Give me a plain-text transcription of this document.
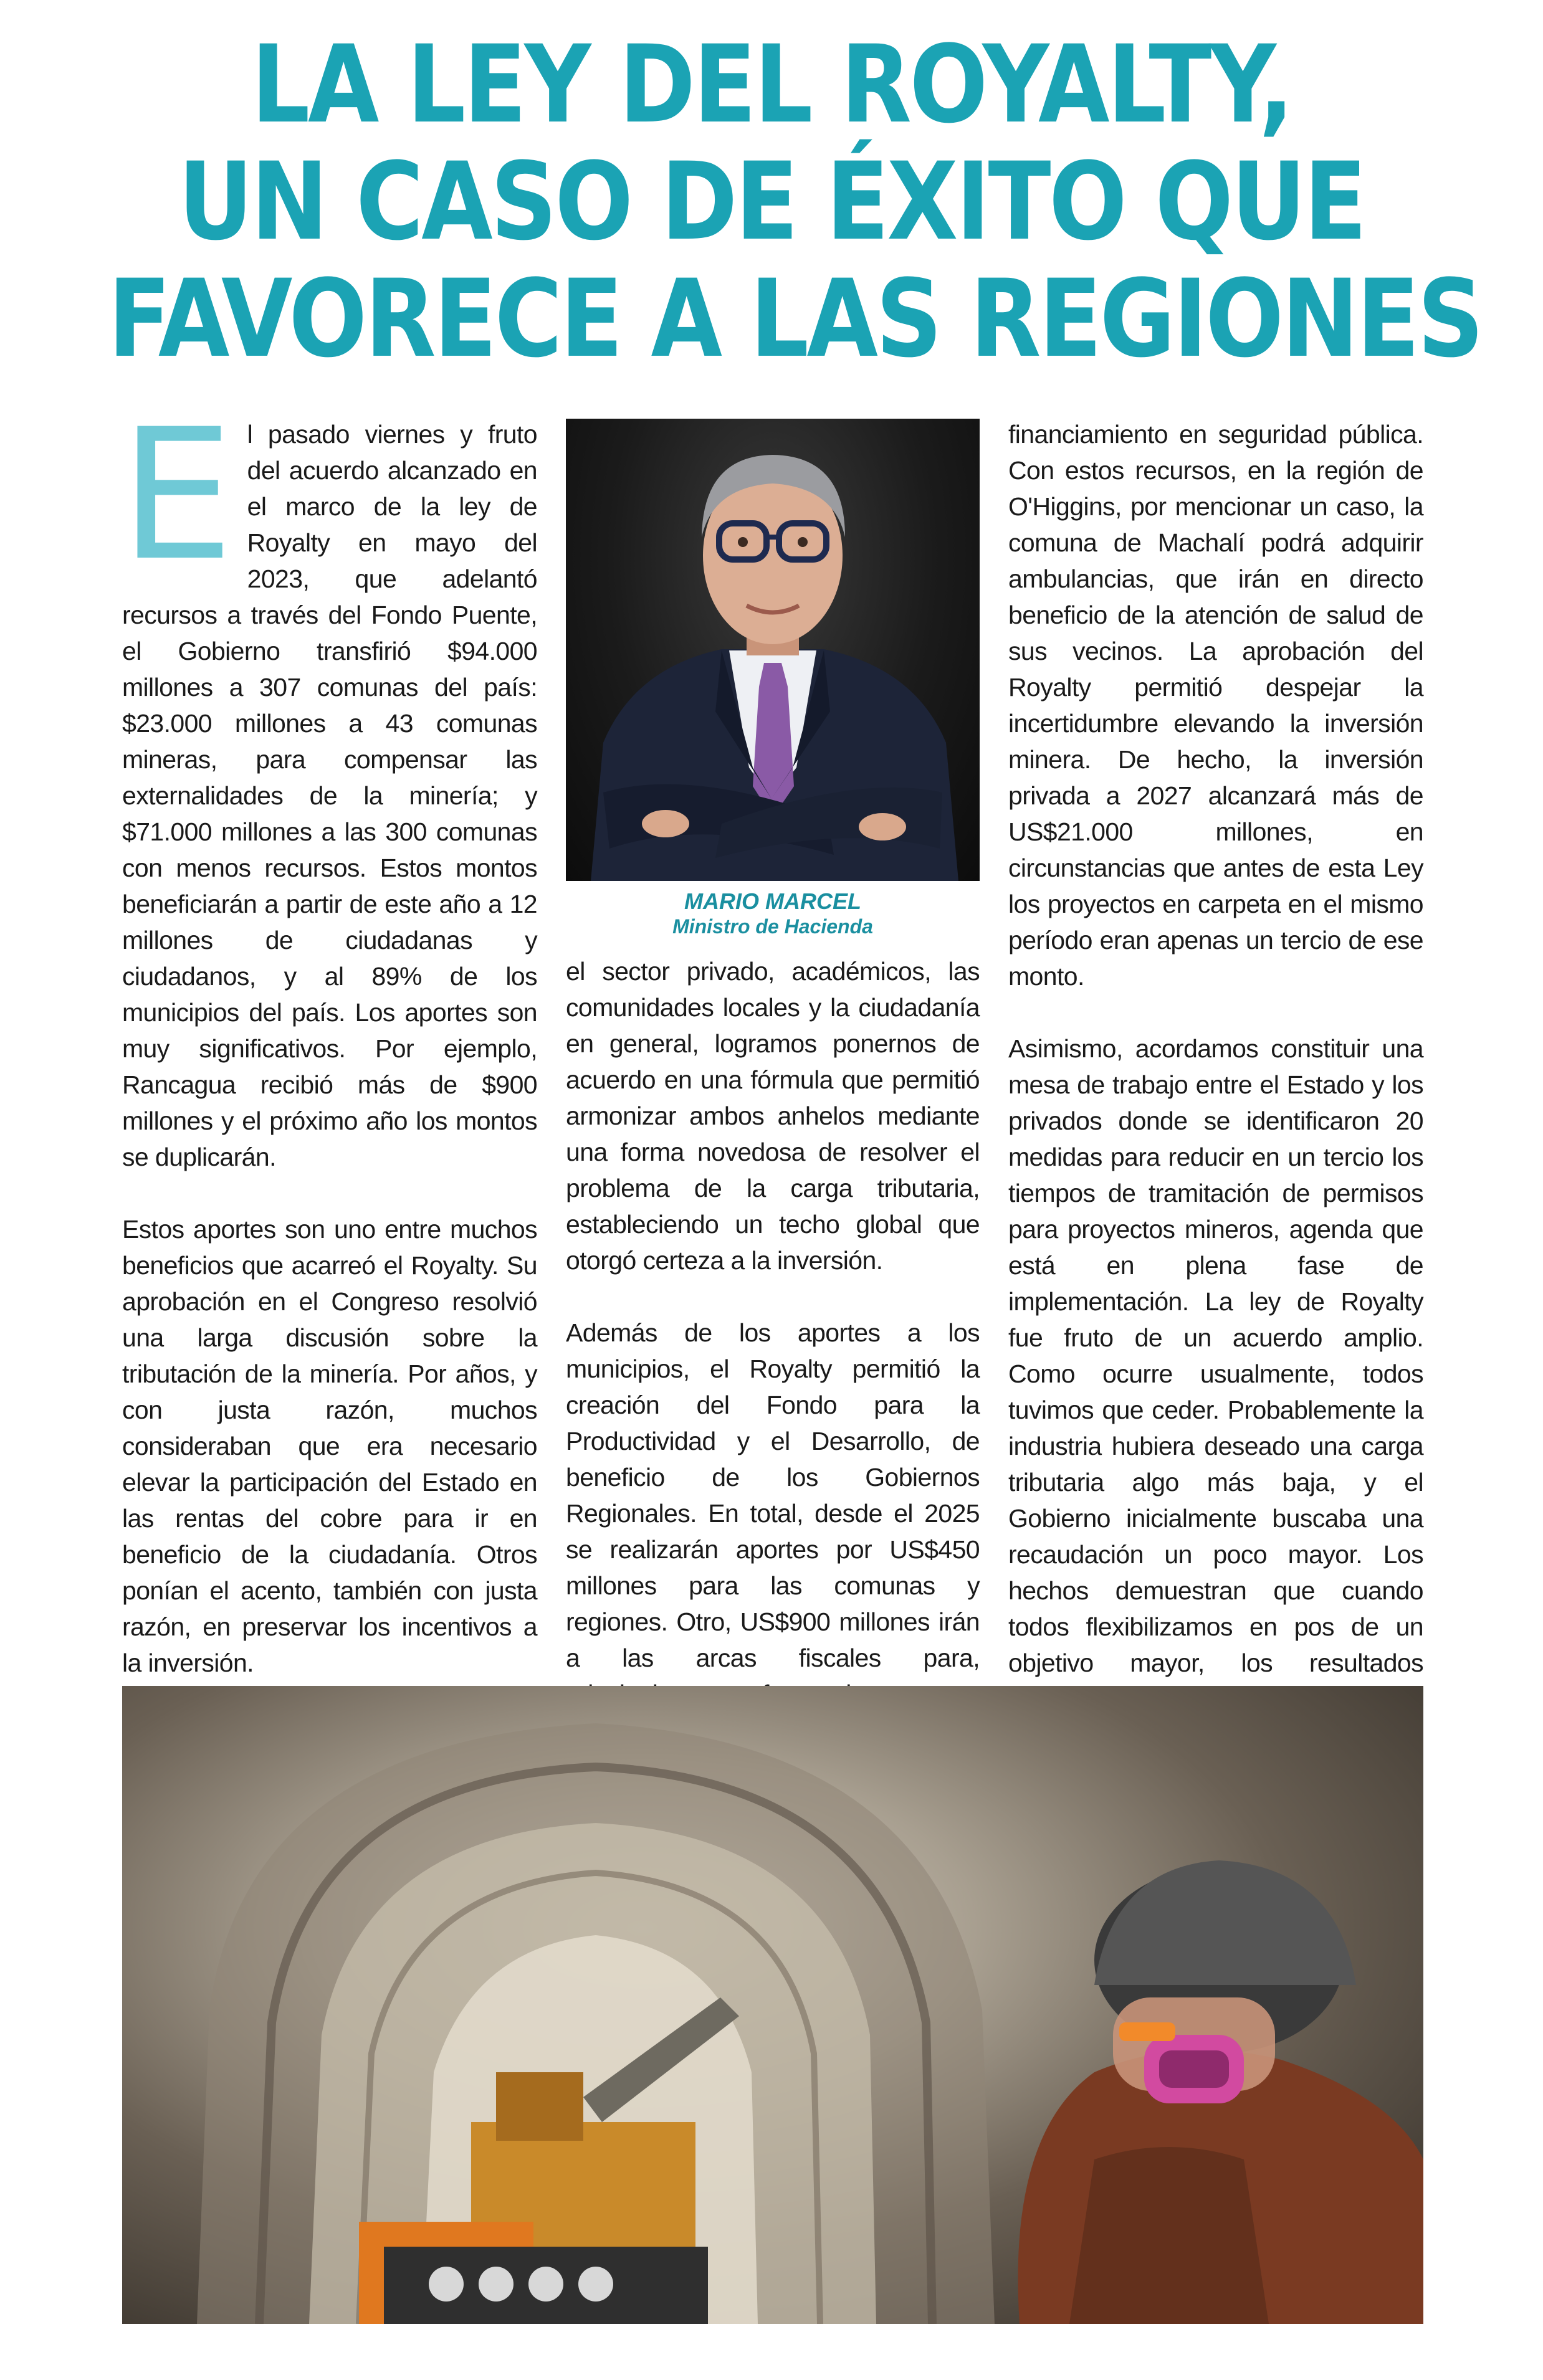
LA LEY DEL ROYALTY,
UN CASO DE ÉXITO QUE
FAVORECE A LAS REGIONES

E l pasado viernes y fruto del acuerdo alcanzado en el marco de la ley de Royalty en mayo del 2023, que adelantó recursos a través del Fondo Puente, el Gobierno transfirió $94.000 millones a 307 comunas del país: $23.000 millones a 43 comunas mineras, para compensar las externalidades de la minería; y $71.000 millones a las 300 comunas con menos recursos. Estos montos beneficiarán a partir de este año a 12 millones de ciudadanas y ciudadanos, y al 89% de los municipios del país. Los aportes son muy significativos. Por ejemplo, Rancagua recibió más de $900 millones y el próximo año los montos se duplicarán.

Estos aportes son uno entre muchos beneficios que acarreó el Royalty. Su aprobación en el Congreso resolvió una larga discusión sobre la tributación de la minería. Por años, y con justa razón, muchos consideraban que era necesario elevar la participación del Estado en las rentas del cobre para ir en beneficio de la ciudadanía. Otros ponían el acento, también con justa razón, en preservar los incentivos a la inversión.

MARIO MARCEL
Ministro de Hacienda

el sector privado, académicos, las comunidades locales y la ciudadanía en general, logramos ponernos de acuerdo en una fórmula que permitió armonizar ambos anhelos mediante una forma novedosa de resolver el problema de la carga tributaria, estableciendo un techo global que otorgó certeza a la inversión.

Además de los aportes a los municipios, el Royalty permitió la creación del Fondo para la Productividad y el Desarrollo, de beneficio de los Gobiernos Regionales. En total, desde el 2025 se realizarán aportes por US$450 millones para las comunas y regiones. Otro, US$900 millones irán a las arcas fiscales para,

financiamiento en seguridad pública. Con estos recursos, en la región de O'Higgins, por mencionar un caso, la comuna de Machalí podrá adquirir ambulancias, que irán en directo beneficio de la atención de salud de sus vecinos. La aprobación del Royalty permitió despejar la incertidumbre elevando la inversión minera. De hecho, la inversión privada a 2027 alcanzará más de US$21.000 millones, en circunstancias que antes de esta Ley los proyectos en carpeta en el mismo período eran apenas un tercio de ese monto.

Asimismo, acordamos constituir una mesa de trabajo entre el Estado y los privados donde se identificaron 20 medidas para reducir en un tercio los tiempos de tramitación de permisos para proyectos mineros, agenda que está en plena fase de implementación. La ley de Royalty fue fruto de un acuerdo amplio. Como ocurre usualmente, todos tuvimos que ceder. Probablemente la industria hubiera deseado una carga tributaria algo más baja, y el Gobierno inicialmente buscaba una recaudación un poco mayor. Los hechos demuestran que cuando todos flexibilizamos en pos de un objetivo mayor, los resultados
